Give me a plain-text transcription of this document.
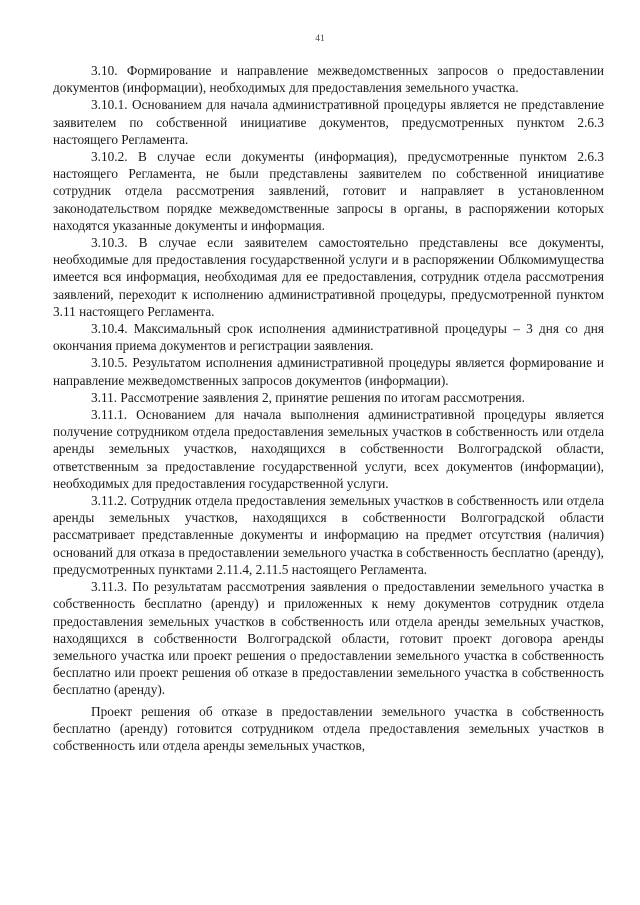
41

3.10. Формирование и направление межведомственных запросов о предоставлении документов (информации), необходимых для предоставления земельного участка.

3.10.1. Основанием для начала административной процедуры является не представление заявителем по собственной инициативе документов, предусмотренных пунктом 2.6.3 настоящего Регламента.

3.10.2. В случае если документы (информация), предусмотренные пунктом 2.6.3 настоящего Регламента, не были представлены заявителем по собственной инициативе сотрудник отдела рассмотрения заявлений, готовит и направляет в установленном законодательством порядке межведомственные запросы в органы, в распоряжении которых находятся указанные документы и информация.

3.10.3. В случае если заявителем самостоятельно представлены все документы, необходимые для предоставления государственной услуги и в распоряжении Облкомимущества имеется вся информация, необходимая для ее предоставления, сотрудник отдела рассмотрения заявлений, переходит к исполнению административной процедуры, предусмотренной пунктом 3.11 настоящего Регламента.

3.10.4. Максимальный срок исполнения административной процедуры – 3 дня со дня окончания приема документов и регистрации заявления.

3.10.5. Результатом исполнения административной процедуры является формирование и направление межведомственных запросов документов (информации).

3.11. Рассмотрение заявления 2, принятие решения по итогам рассмотрения.

3.11.1. Основанием для начала выполнения административной процедуры является получение сотрудником отдела предоставления земельных участков в собственность или отдела аренды земельных участков, находящихся в собственности Волгоградской области, ответственным за предоставление государственной услуги, всех документов (информации), необходимых для предоставления государственной услуги.

3.11.2. Сотрудник отдела предоставления земельных участков в собственность или отдела аренды земельных участков, находящихся в собственности Волгоградской области рассматривает представленные документы и информацию на предмет отсутствия (наличия) оснований для отказа в предоставлении земельного участка в собственность бесплатно (аренду), предусмотренных пунктами 2.11.4, 2.11.5 настоящего Регламента.

3.11.3. По результатам рассмотрения заявления о предоставлении земельного участка в собственность бесплатно (аренду) и приложенных к нему документов сотрудник отдела предоставления земельных участков в собственность или отдела аренды земельных участков, находящихся в собственности Волгоградской области, готовит проект договора аренды земельного участка или проект решения о предоставлении земельного участка в собственность бесплатно или проект решения об отказе в предоставлении земельного участка в собственность бесплатно (аренду).

Проект решения об отказе в предоставлении земельного участка в собственность бесплатно (аренду) готовится сотрудником отдела предоставления земельных участков в собственность или отдела аренды земельных участков,
